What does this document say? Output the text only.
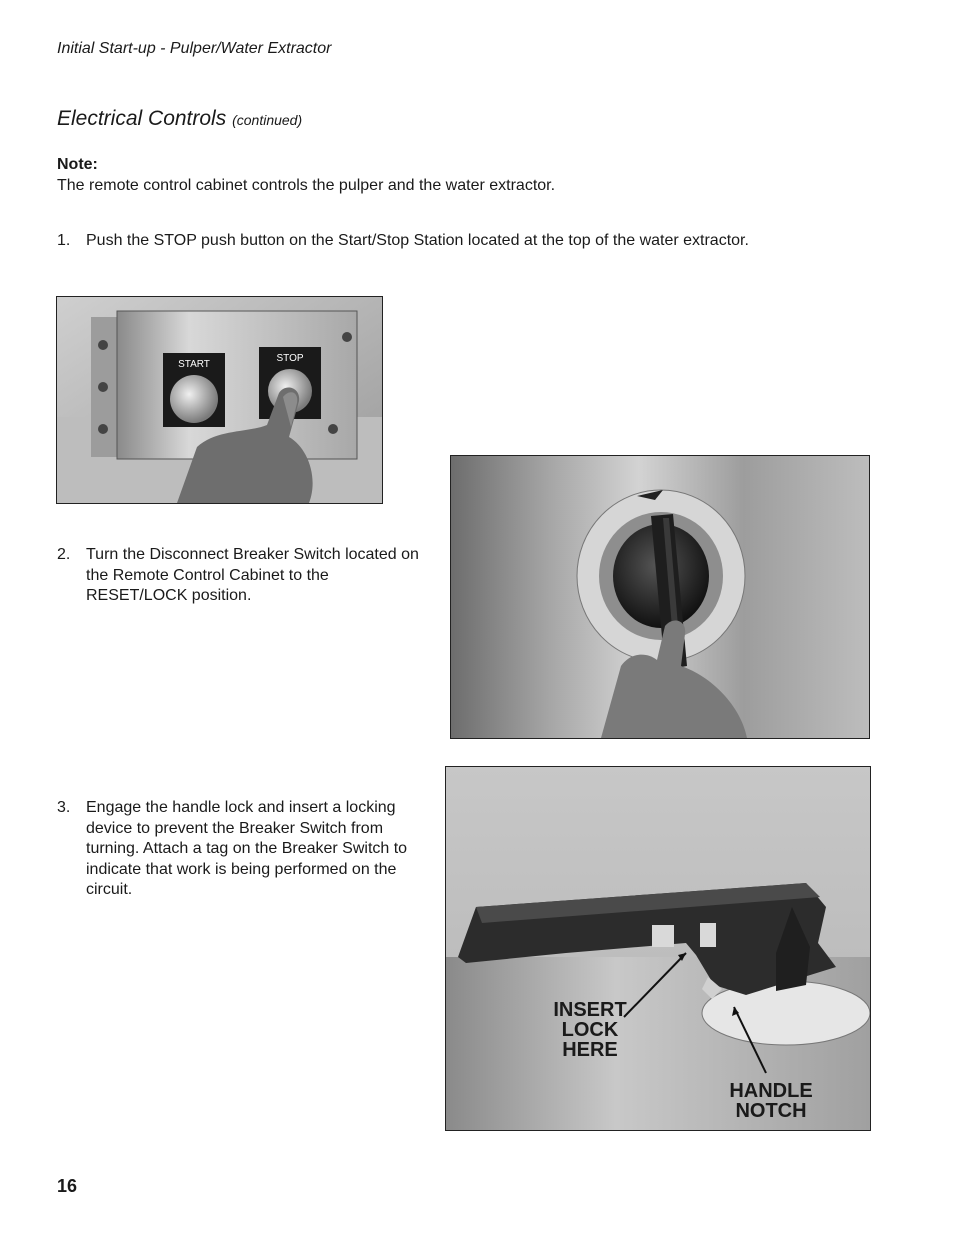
Initial Start-up - Pulper/Water Extractor
Electrical Controls (continued)
Note:
The remote control cabinet controls the pulper and the water extractor.
1. Push the STOP push button on the Start/Stop Station located at the top of the water extractor.
START
STOP
2. Turn the Disconnect Breaker Switch located on the Remote Control Cabinet to the RESET/LOCK position.
3. Engage the handle lock and insert a locking device to prevent the Breaker Switch from turning. Attach a tag on the Breaker Switch to indicate that work is being performed on the circuit.
INSERT
LOCK
HERE
HANDLE
NOTCH
16
